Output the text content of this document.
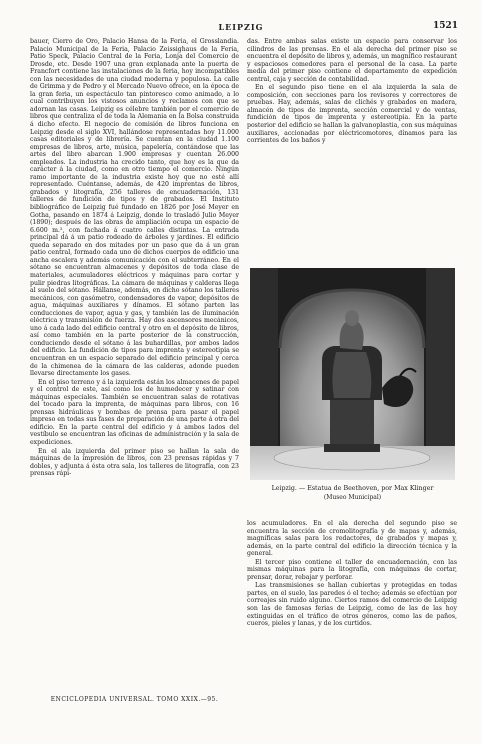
LEIPZIG	1521

bauer, Cierro de Oro, Palacio Hansa de la Feria, el Grosslandia. Palacio Municipal de la Feria, Palacio Zeissighaus de la Feria, Patio Speck, Palacio Central de la Feria, Lonja del Comercio de Drosde, etc. Desde 1907 una gran explanada ante la puerta de Francfort contiene las instalaciones de la feria, hoy incompatibles con las necesidades de una ciudad moderna y populosa. La calle de Grimma y de Pedro y el Mercado Nuevo ofrece, en la época de la gran feria, un espectáculo tan pintoresco como animado, a lo cual contribuyen los vistosos anuncios y reclamos con que se adornan las casas. Leipzig es célebre también por el comercio de libros que centraliza el de toda la Alemania en la Bolsa construida á dicho efecto. El negocio de comisión de libros funciona en Leipzig desde el siglo XVI, hallándose representadas hoy 11.000 casas editoriales y de librería. Se cuentan en la ciudad 1.100 empresas de libros, arte, música, papelería, contándose que las artes del libro abarcan 1.900 empresas y cuentan 26.000 empleados. La industria ha crecido tanto, que hoy es la que da carácter á la ciudad, como en otro tiempo el comercio. Ningún ramo importante de la industria existe hoy que no esté allí representado. Cuéntanse, además, de 420 imprentas de libros, grabados y litografía, 256 talleres de encuadernación, 131 talleres de fundición de tipos y de grabados. El Instituto bibliográfico de Leipzig fué fundado en 1826 por José Meyer en Gotha, pasando en 1874 á Leipzig, donde lo trasladó Julio Meyer (1890); después de las obras de ampliación ocupa un espacio de 6.600 m.², con fachada á cuatro calles distintas. La entrada principal dá á un patio rodeado de árboles y jardines. El edificio queda separado en dos mitades por un paso que da á un gran patio central, formado cada uno de dichos cuerpos de edificio una ancha escalera y además comunicación con el subterráneo. En el sótano se encuentran almacenes y depósitos de toda clase de materiales, acumuladores eléctricos y máquinas para cortar y pulir piedras litográficas. La cámara de máquinas y calderas llega al suelo del sótano. Hállanse, además, en dicho sótano los talleres mecánicos, con gasómetro, condensadores de vapor, depósitos de agua, máquinas auxiliares y dínamos. El sótano parten las conducciones de vapor, agua y gas, y también las de iluminación eléctrica y transmisión de fuerza. Hay dos ascensores mecánicos, uno á cada lado del edificio central y otro en el depósito de libros, así como también en la parte posterior de la construcción, conduciendo desde el sótano á las buhardillas, por ambos lados del edificio. La fundición de tipos para imprenta y estereotipia se encuentran en un espacio separado del edificio principal y cerca de la chimenea de la cámara de las calderas, adonde pueden llevarse directamente los gases.

En el piso terreno y á la izquierda están los almacenes de papel y el control de este, así como los de humedecer y satinar con máquinas especiales. También se encuentran salas de rotativas del tocado para la imprenta, de máquinas para libros, con 16 prensas hidráulicas y bombas de prensa para pasar el papel impreso en todas sus fases de preparación de una parte á otra del edificio. En la parte central del edificio y á ambos lados del vestíbulo se encuentran las oficinas de administración y la sala de expediciones.

En el ala izquierda del primer piso se hallan la sala de máquinas de la impresión de libros, con 23 prensas rápidas y 7 dobles, y adjunta á ésta otra sala, los talleres de litografía, con 23 prensas rápi-

ENCICLOPEDIA UNIVERSAL. TOMO XXIX.—95.

das. Entre ambas salas existe un espacio para conservar los cilindros de las prensas. En el ala derecha del primer piso se encuentra el depósito de libros y, además, un magnífico restaurant y espaciosos comedores para el personal de la casa. La parte media del primer piso contiene el departamento de expedición central, caja y sección de contabilidad.

En el segundo piso tiene en el ala izquierda la sala de composición, con secciones para los revisores y correctores de pruebas. Hay, además, salas de clichés y grabados en madera, almacén de tipos de imprenta, sección comercial y de ventas, fundición de tipos de imprenta y estereotipia. En la parte posterior del edificio se hallan la galvanoplastia, con sus máquinas auxiliares, accionadas por eléctricomotores, dínamos para las corrientes de los baños y

Leipzig. — Estatua de Beethoven, por Max Klinger
(Museo Municipal)

los acumuladores. En el ala derecha del segundo piso se encuentra la sección de cromolitografía y de mapas y, además, magníficas salas para los redactores, de grabados y mapas y, además, en la parte central del edificio la dirección técnica y la general.

El tercer piso contiene el taller de encuadernación, con las mismas máquinas para la litografía, con máquinas de cortar, prensar, dorar, rebajar y perforar.

Las transmisiones se hallan cubiertas y protegidas en todas partes, en el suelo, las paredes ó el techo; además se efectúan por correajes sin ruido alguno. Ciertos ramos del comercio de Leipzig son las de famosas ferias de Leipzig, como de las de las hoy extinguidas en el tráfico de otros géneros, como las de paños, cueros, pieles y lanas, y de los curtidos.
